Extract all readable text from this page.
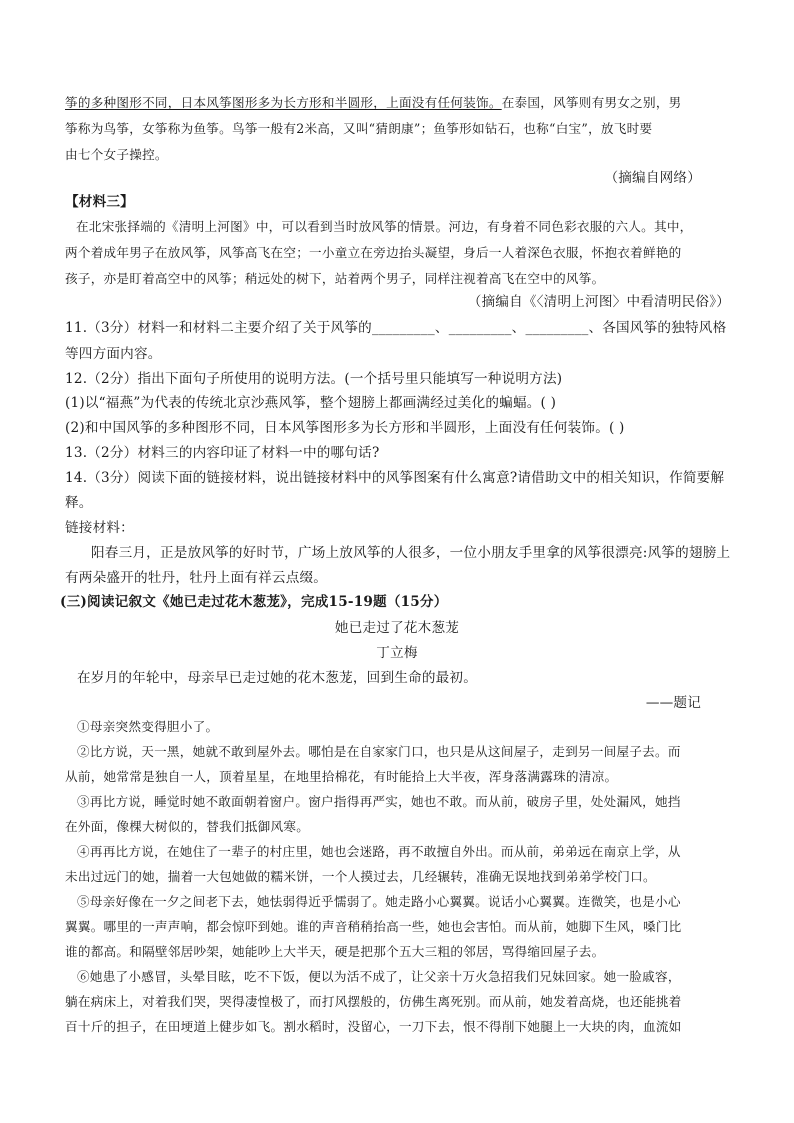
筝的多种图形不同，日本风筝图形多为长方形和半圆形，上面没有任何装饰。在泰国，风筝则有男女之别，男
筝称为鸟筝，女筝称为鱼筝。鸟筝一般有2米高，又叫“猜朗康”；鱼筝形如钻石，也称“白宝”，放飞时要
由七个女子操控。
（摘编自网络）
【材料三】
在北宋张择端的《清明上河图》中，可以看到当时放风筝的情景。河边，有身着不同色彩衣服的六人。其中，
两个着成年男子在放风筝，风筝高飞在空；一小童立在旁边抬头凝望，身后一人着深色衣服，怀抱衣着鲜艳的
孩子，亦是盯着高空中的风筝；稍远处的树下，站着两个男子，同样注视着高飞在空中的风筝。
（摘编自《〈清明上河图〉中看清明民俗》）
11.（3分）材料一和材料二主要介绍了关于风筝的_________、_________、_________、各国风筝的独特风格
等四方面内容。
12.（2分）指出下面句子所使用的说明方法。(一个括号里只能填写一种说明方法)
(1)以“福燕”为代表的传统北京沙燕风筝，整个翅膀上都画满经过美化的蝙蝠。( )
(2)和中国风筝的多种图形不同，日本风筝图形多为长方形和半圆形，上面没有任何装饰。( )
13.（2分）材料三的内容印证了材料一中的哪句话?
14.（3分）阅读下面的链接材料，说出链接材料中的风筝图案有什么寓意?请借助文中的相关知识，作简要解
释。
链接材料：
阳春三月，正是放风筝的好时节，广场上放风筝的人很多，一位小朋友手里拿的风筝很漂亮:风筝的翅膀上
有两朵盛开的牡丹，牡丹上面有祥云点缀。
(三)阅读记叙文《她已走过花木葱茏》，完成15-19题（15分）
她已走过了花木葱茏
丁立梅
在岁月的年轮中，母亲早已走过她的花木葱茏，回到生命的最初。
——题记
①母亲突然变得胆小了。
②比方说，天一黑，她就不敢到屋外去。哪怕是在自家家门口，也只是从这间屋子，走到另一间屋子去。而
从前，她常常是独自一人，顶着星星，在地里拾棉花，有时能拾上大半夜，浑身落满露珠的清凉。
③再比方说，睡觉时她不敢面朝着窗户。窗户指得再严实，她也不敢。而从前，破房子里，处处漏风，她挡
在外面，像棵大树似的，替我们抵御风寒。
④再再比方说，在她住了一辈子的村庄里，她也会迷路，再不敢擅自外出。而从前，弟弟远在南京上学，从
未出过远门的她，揣着一大包她做的糯米饼，一个人摸过去，几经辗转，准确无误地找到弟弟学校门口。
⑤母亲好像在一夕之间老下去，她怯弱得近乎懦弱了。她走路小心翼翼。说话小心翼翼。连微笑，也是小心
翼翼。哪里的一声声响，都会惊吓到她。谁的声音稍稍抬高一些，她也会害怕。而从前，她脚下生风，嗓门比
谁的都高。和隔壁邻居吵架，她能吵上大半天，硬是把那个五大三粗的邻居，骂得缩回屋子去。
⑥她患了小感冒，头晕目眩，吃不下饭，便以为活不成了，让父亲十万火急招我们兄妹回家。她一脸戚容，
躺在病床上，对着我们哭，哭得凄惶极了，而打风摆般的，仿佛生离死别。而从前，她发着高烧，也还能挑着
百十斤的担子，在田埂道上健步如飞。割水稻时，没留心，一刀下去，恨不得削下她腿上一大块的肉，血流如
